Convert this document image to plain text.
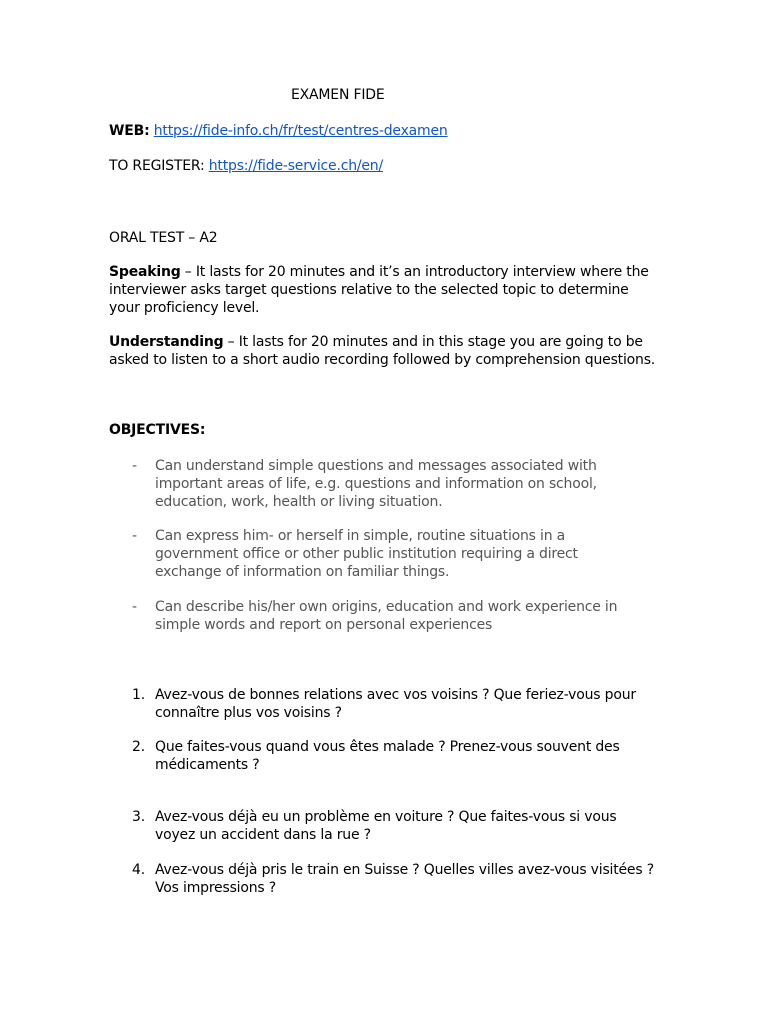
EXAMEN FIDE
WEB: https://fide-info.ch/fr/test/centres-dexamen
TO REGISTER: https://fide-service.ch/en/
ORAL TEST – A2
Speaking – It lasts for 20 minutes and it’s an introductory interview where the
interviewer asks target questions relative to the selected topic to determine
your proficiency level.
Understanding – It lasts for 20 minutes and in this stage you are going to be
asked to listen to a short audio recording followed by comprehension questions.
OBJECTIVES:
- Can understand simple questions and messages associated with
important areas of life, e.g. questions and information on school,
education, work, health or living situation.
- Can express him- or herself in simple, routine situations in a
government office or other public institution requiring a direct
exchange of information on familiar things.
- Can describe his/her own origins, education and work experience in
simple words and report on personal experiences
1. Avez-vous de bonnes relations avec vos voisins ? Que feriez-vous pour
connaître plus vos voisins ?
2. Que faites-vous quand vous êtes malade ? Prenez-vous souvent des
médicaments ?
3. Avez-vous déjà eu un problème en voiture ? Que faites-vous si vous
voyez un accident dans la rue ?
4. Avez-vous déjà pris le train en Suisse ? Quelles villes avez-vous visitées ?
Vos impressions ?
